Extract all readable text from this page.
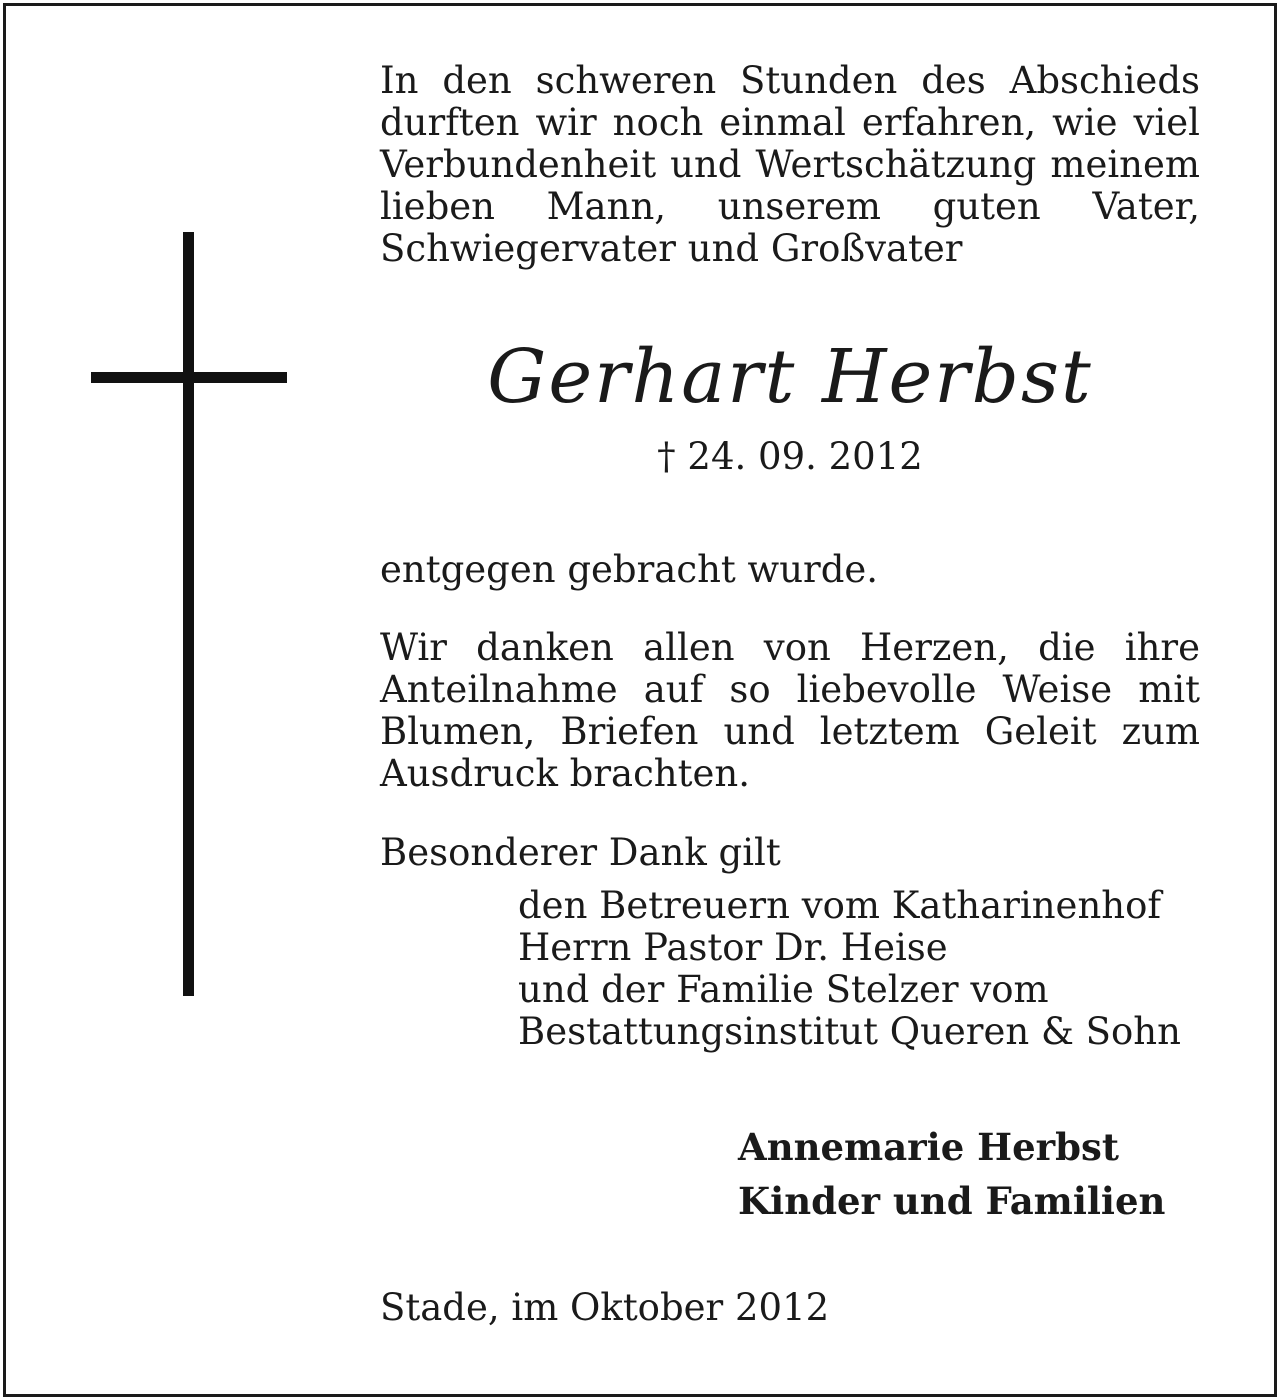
In den schweren Stunden des Abschieds durften wir noch einmal erfahren, wie viel Verbundenheit und Wertschätzung meinem lieben Mann, unserem guten Vater, Schwiegervater und Großvater

Gerhart Herbst

† 24. 09. 2012

entgegen gebracht wurde.

Wir danken allen von Herzen, die ihre Anteilnahme auf so liebevolle Weise mit Blumen, Briefen und letztem Geleit zum Ausdruck brachten.

Besonderer Dank gilt

den Betreuern vom Katharinenhof
Herrn Pastor Dr. Heise
und der Familie Stelzer vom
Bestattungsinstitut Queren & Sohn
Annemarie Herbst
Kinder und Familien

Stade, im Oktober 2012
